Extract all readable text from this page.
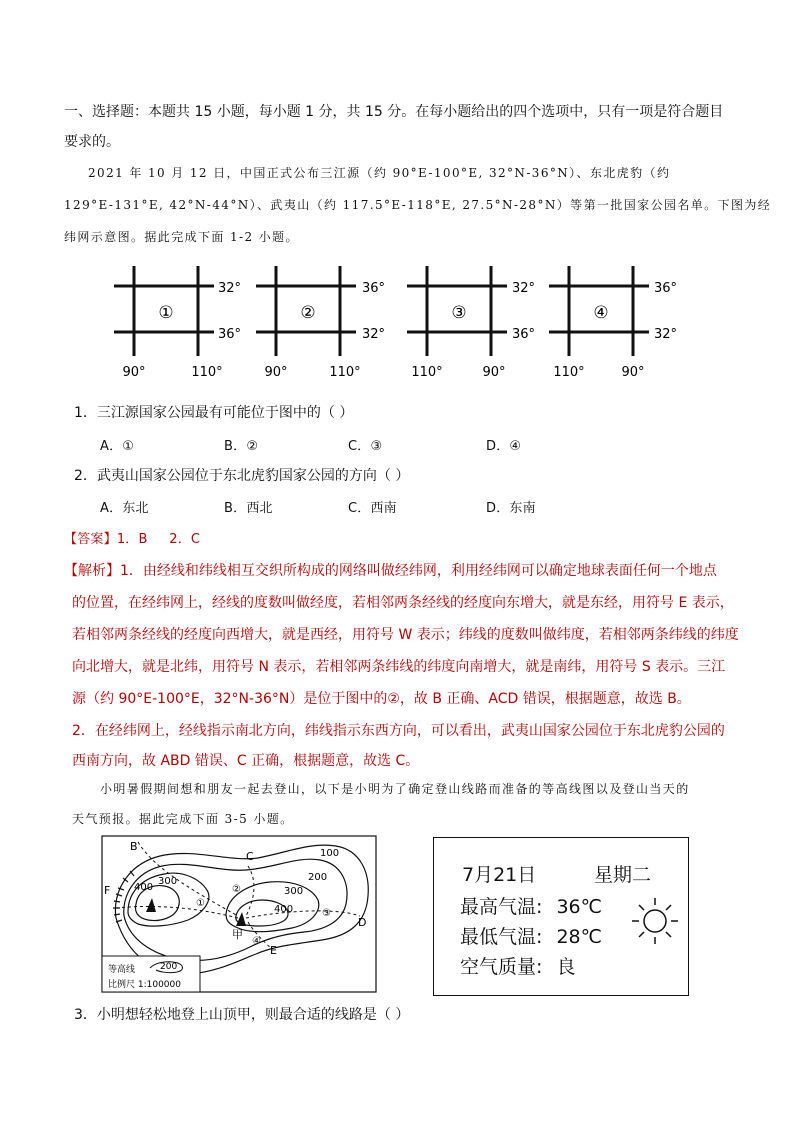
一、选择题：本题共 15 小题，每小题 1 分，共 15 分。在每小题给出的四个选项中，只有一项是符合题目
要求的。
2021 年 10 月 12 日，中国正式公布三江源（约 90°E-100°E, 32°N-36°N）、东北虎豹（约
129°E-131°E, 42°N-44°N）、武夷山（约 117.5°E-118°E, 27.5°N-28°N）等第一批国家公园名单。下图为经
纬网示意图。据此完成下面 1-2 小题。
①
32°
36°
90°	110°
②
36°
32°
90°	110°
③
32°
36°
110°	90°
④
36°
32°
110°	90°
1．三江源国家公园最有可能位于图中的（ ）
A．①	B．②	C．③	D．④
2．武夷山国家公园位于东北虎豹国家公园的方向（ ）
A．东北	B．西北	C．西南	D．东南
【答案】1．B     2．C
【解析】1．由经线和纬线相互交织所构成的网络叫做经纬网，利用经纬网可以确定地球表面任何一个地点
的位置，在经纬网上，经线的度数叫做经度，若相邻两条经线的经度向东增大，就是东经，用符号 E 表示，
若相邻两条经线的经度向西增大，就是西经，用符号 W 表示；纬线的度数叫做纬度，若相邻两条纬线的纬度
向北增大，就是北纬，用符号 N 表示，若相邻两条纬线的纬度向南增大，就是南纬，用符号 S 表示。三江
源（约 90°E-100°E，32°N-36°N）是位于图中的②，故 B 正确、ACD 错误，根据题意，故选 B。
2．在经纬网上，经线指示南北方向，纬线指示东西方向，可以看出，武夷山国家公园位于东北虎豹公园的
西南方向，故 ABD 错误、C 正确，根据题意，故选 C。
小明暑假期间想和朋友一起去登山，以下是小明为了确定登山线路而准备的等高线图以及登山当天的
天气预报。据此完成下面 3-5 小题。
B
C
D
E
F
甲
400
300
100
200
300
400
①
②
③
④
等高线	200
比例尺 1:100000
7月21日	星期二
最高气温: 36℃
最低气温: 28℃
空气质量: 良
3．小明想轻松地登上山顶甲，则最合适的线路是（ ）
